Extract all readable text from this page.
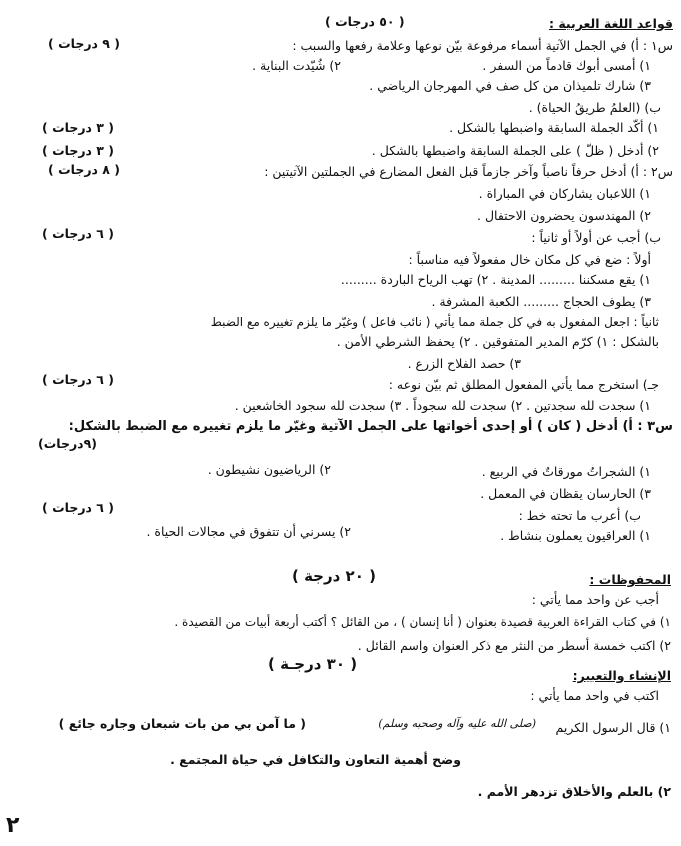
قواعد اللغة العربية :
( ٥٠ درجات )
س١ : أ) في الجمل الآتية أسماء مرفوعة بيّن نوعها وعلامة رفعها والسبب :
( ٩ درجات )
١) أمسى أبوك قادماً من السفر .
٢) شُيّدت البناية .
٣) شارك تلميذان من كل صف في المهرجان الرياضي .
ب) (العلمُ طريقُ الحياة) .
١) أكّد الجملة السابقة واضبطها بالشكل .
( ٣ درجات )
٢) أدخل ( ظلّ ) على الجملة السابقة واضبطها بالشكل .
( ٣ درجات )
س٢ : أ) أدخل حرفاً ناصباً وآخر جازماً قبل الفعل المضارع في الجملتين الآتيتين :
( ٨ درجات )
١) اللاعبان يشاركان في المباراة .
٢) المهندسون يحضرون الاحتفال .
ب) أجب عن أولاً أو ثانياً :
( ٦ درجات )
أولاً : ضع في كل مكان خال مفعولاً فيه مناسباً :
١) يقع مسكننا ......... المدينة . ٢) تهب الرياح الباردة .........
٣) يطوف الحجاج ......... الكعبة المشرفة .
ثانياً : اجعل المفعول به في كل جملة مما يأتي ( نائب فاعل ) وغيّر ما يلزم تغييره مع الضبط
بالشكل : ١) كرّم المدير المتفوقين . ٢) يحفظ الشرطي الأمن .
٣) حصد الفلاح الزرع .
جـ) استخرج مما يأتي المفعول المطلق ثم بيّن نوعه :
( ٦ درجات )
١) سجدت لله سجدتين . ٢) سجدت لله سجوداً . ٣) سجدت لله سجود الخاشعين .
س٣ : أ) أدخل ( كان ) أو إحدى أخواتها على الجمل الآتية وغيّر ما يلزم تغييره مع الضبط بالشكل:
(٩درجات)
١) الشجراتُ مورقاتٌ في الربيع .
٢) الرياضيون نشيطون .
٣) الحارسان يقظان في المعمل .
ب) أعرب ما تحته خط :
( ٦ درجات )
١) العراقيون يعملون بنشاط .
٢) يسرني أن تتفوق في مجالات الحياة .
( ٢٠ درجة )	المحفوظات :
أجب عن واحد مما يأتي :
١) في كتاب القراءة العربية قصيدة بعنوان ( أنا إنسان ) ، من القائل ؟ أكتب أربعة أبيات من القصيدة .
٢) اكتب خمسة أسطر من النثر مع ذكر العنوان واسم القائل .
( ٣٠ درجـة )
الإنشاء والتعبير:
اكتب في واحد مما يأتي :
١) قال الرسول الكريم
(صلى الله عليه وآله وصحبه وسلم)
( ما آمن بي من بات شبعان وجاره جائع )
وضح أهمية التعاون والتكافل في حياة المجتمع .
٢) بالعلم والأخلاق تزدهر الأمم .
٢
